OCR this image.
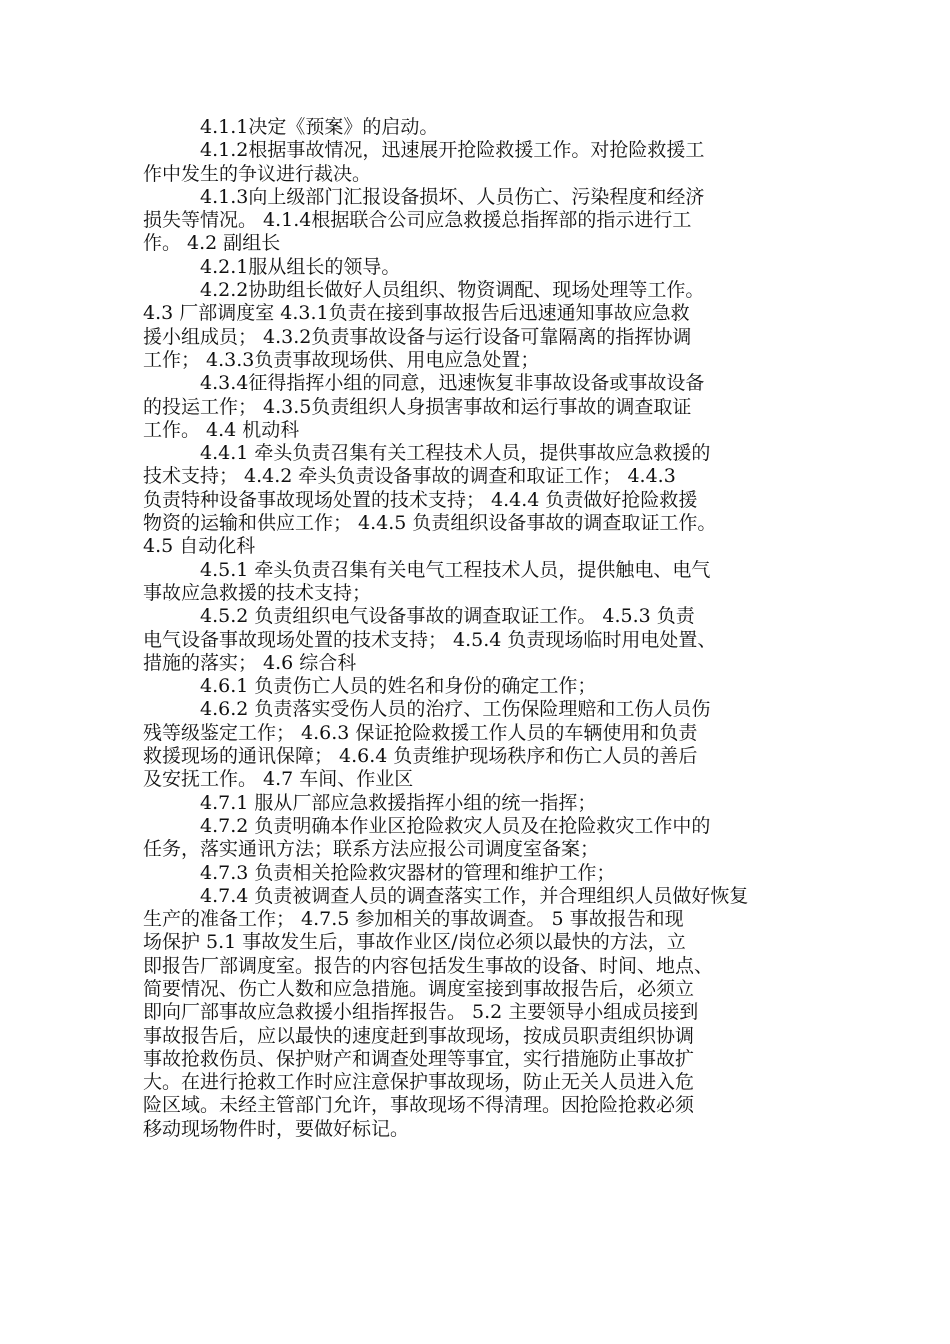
4.1.1决定《预案》的启动。
4.1.2根据事故情况，迅速展开抢险救援工作。对抢险救援工
作中发生的争议进行裁决。
4.1.3向上级部门汇报设备损坏、人员伤亡、污染程度和经济
损失等情况。 4.1.4根据联合公司应急救援总指挥部的指示进行工
作。 4.2 副组长
4.2.1服从组长的领导。
4.2.2协助组长做好人员组织、物资调配、现场处理等工作。
4.3 厂部调度室 4.3.1负责在接到事故报告后迅速通知事故应急救
援小组成员； 4.3.2负责事故设备与运行设备可靠隔离的指挥协调
工作； 4.3.3负责事故现场供、用电应急处置；
4.3.4征得指挥小组的同意，迅速恢复非事故设备或事故设备
的投运工作； 4.3.5负责组织人身损害事故和运行事故的调查取证
工作。 4.4 机动科
4.4.1 牵头负责召集有关工程技术人员，提供事故应急救援的
技术支持； 4.4.2 牵头负责设备事故的调查和取证工作； 4.4.3
负责特种设备事故现场处置的技术支持； 4.4.4 负责做好抢险救援
物资的运输和供应工作； 4.4.5 负责组织设备事故的调查取证工作。
4.5 自动化科
4.5.1 牵头负责召集有关电气工程技术人员，提供触电、电气
事故应急救援的技术支持；
4.5.2 负责组织电气设备事故的调查取证工作。 4.5.3 负责
电气设备事故现场处置的技术支持； 4.5.4 负责现场临时用电处置、
措施的落实； 4.6 综合科
4.6.1 负责伤亡人员的姓名和身份的确定工作；
4.6.2 负责落实受伤人员的治疗、工伤保险理赔和工伤人员伤
残等级鉴定工作； 4.6.3 保证抢险救援工作人员的车辆使用和负责
救援现场的通讯保障； 4.6.4 负责维护现场秩序和伤亡人员的善后
及安抚工作。 4.7 车间、作业区
4.7.1 服从厂部应急救援指挥小组的统一指挥；
4.7.2 负责明确本作业区抢险救灾人员及在抢险救灾工作中的
任务，落实通讯方法；联系方法应报公司调度室备案；
4.7.3 负责相关抢险救灾器材的管理和维护工作；
4.7.4 负责被调查人员的调查落实工作，并合理组织人员做好恢复
生产的准备工作； 4.7.5 参加相关的事故调查。 5 事故报告和现
场保护 5.1 事故发生后，事故作业区/岗位必须以最快的方法，立
即报告厂部调度室。报告的内容包括发生事故的设备、时间、地点、
简要情况、伤亡人数和应急措施。调度室接到事故报告后，必须立
即向厂部事故应急救援小组指挥报告。 5.2 主要领导小组成员接到
事故报告后，应以最快的速度赶到事故现场，按成员职责组织协调
事故抢救伤员、保护财产和调查处理等事宜，实行措施防止事故扩
大。在进行抢救工作时应注意保护事故现场，防止无关人员进入危
险区域。未经主管部门允许，事故现场不得清理。因抢险抢救必须
移动现场物件时，要做好标记。
